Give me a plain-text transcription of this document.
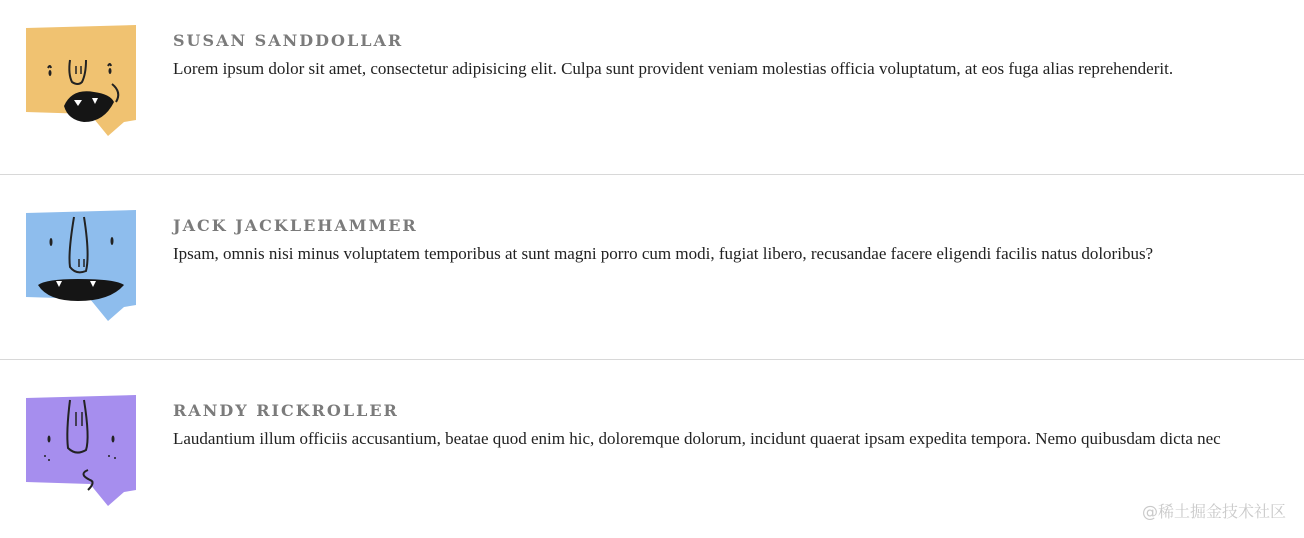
SUSAN SANDDOLLAR
Lorem ipsum dolor sit amet, consectetur adipisicing elit. Culpa sunt provident veniam molestias officia voluptatum, at eos fuga alias reprehenderit.
JACK JACKLEHAMMER
Ipsam, omnis nisi minus voluptatem temporibus at sunt magni porro cum modi, fugiat libero, recusandae facere eligendi facilis natus doloribus?
RANDY RICKROLLER
Laudantium illum officiis accusantium, beatae quod enim hic, doloremque dolorum, incidunt quaerat ipsam expedita tempora. Nemo quibusdam dicta nec
@稀土掘金技术社区
